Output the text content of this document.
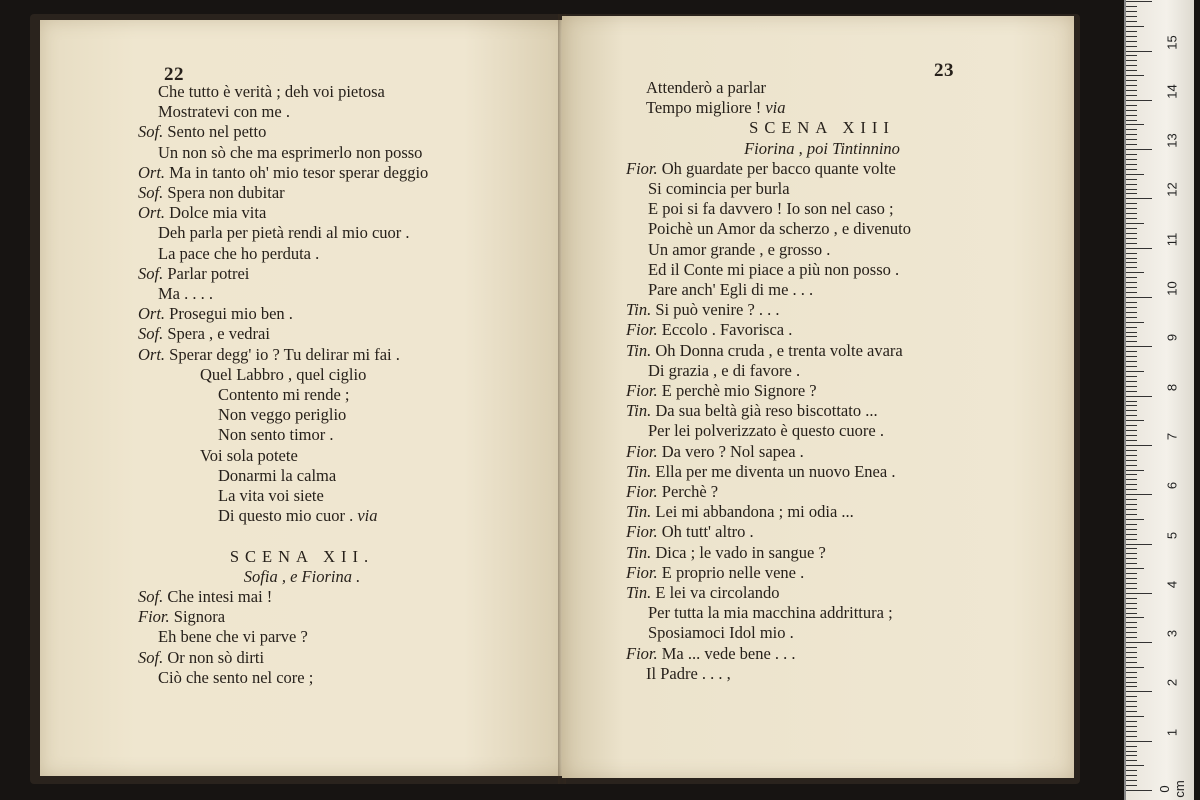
22
Che tutto è verità ; deh voi pietosa
Mostratevi con me .
Sof. Sento nel petto
Un non sò che ma esprimerlo non posso
Ort. Ma in tanto oh' mio tesor sperar deggio
Sof. Spera non dubitar
Ort. Dolce mia vita
Deh parla per pietà rendi al mio cuor .
La pace che ho perduta .
Sof. Parlar potrei
Ma . . . .
Ort. Prosegui mio ben .
Sof. Spera , e vedrai
Ort. Sperar degg' io ? Tu delirar mi fai .
Quel Labbro , quel ciglio
Contento mi rende ;
Non veggo periglio
Non sento timor .
Voi sola potete
Donarmi la calma
La vita voi siete
Di questo mio cuor . via
SCENA XII.
Sofia , e Fiorina .
Sof. Che intesi mai !
Fior. Signora
Eh bene che vi parve ?
Sof. Or non sò dirti
Ciò che sento nel core ;
23
Attenderò a parlar
Tempo migliore ! via
SCENA XIII
Fiorina , poi Tintinnino
Fior. Oh guardate per bacco quante volte
Si comincia per burla
E poi si fa davvero ! Io son nel caso ;
Poichè un Amor da scherzo , e divenuto
Un amor grande , e grosso .
Ed il Conte mi piace a più non posso .
Pare anch' Egli di me . . .
Tin. Si può venire ? . . .
Fior. Eccolo . Favorisca .
Tin. Oh Donna cruda , e trenta volte avara
Di grazia , e di favore .
Fior. E perchè mio Signore ?
Tin. Da sua beltà già reso biscottato ...
Per lei polverizzato è questo cuore .
Fior. Da vero ? Nol sapea .
Tin. Ella per me diventa un nuovo Enea .
Fior. Perchè ?
Tin. Lei mi abbandona ; mi odia ...
Fior. Oh tutt' altro .
Tin. Dica ; le vado in sangue ?
Fior. E proprio nelle vene .
Tin. E lei va circolando
Per tutta la mia macchina addrittura ;
Sposiamoci Idol mio .
Fior. Ma ... vede bene . . .
Il Padre . . . ,
15
14
13
12
11
10
9
8
7
6
5
4
3
2
1
0 cm
